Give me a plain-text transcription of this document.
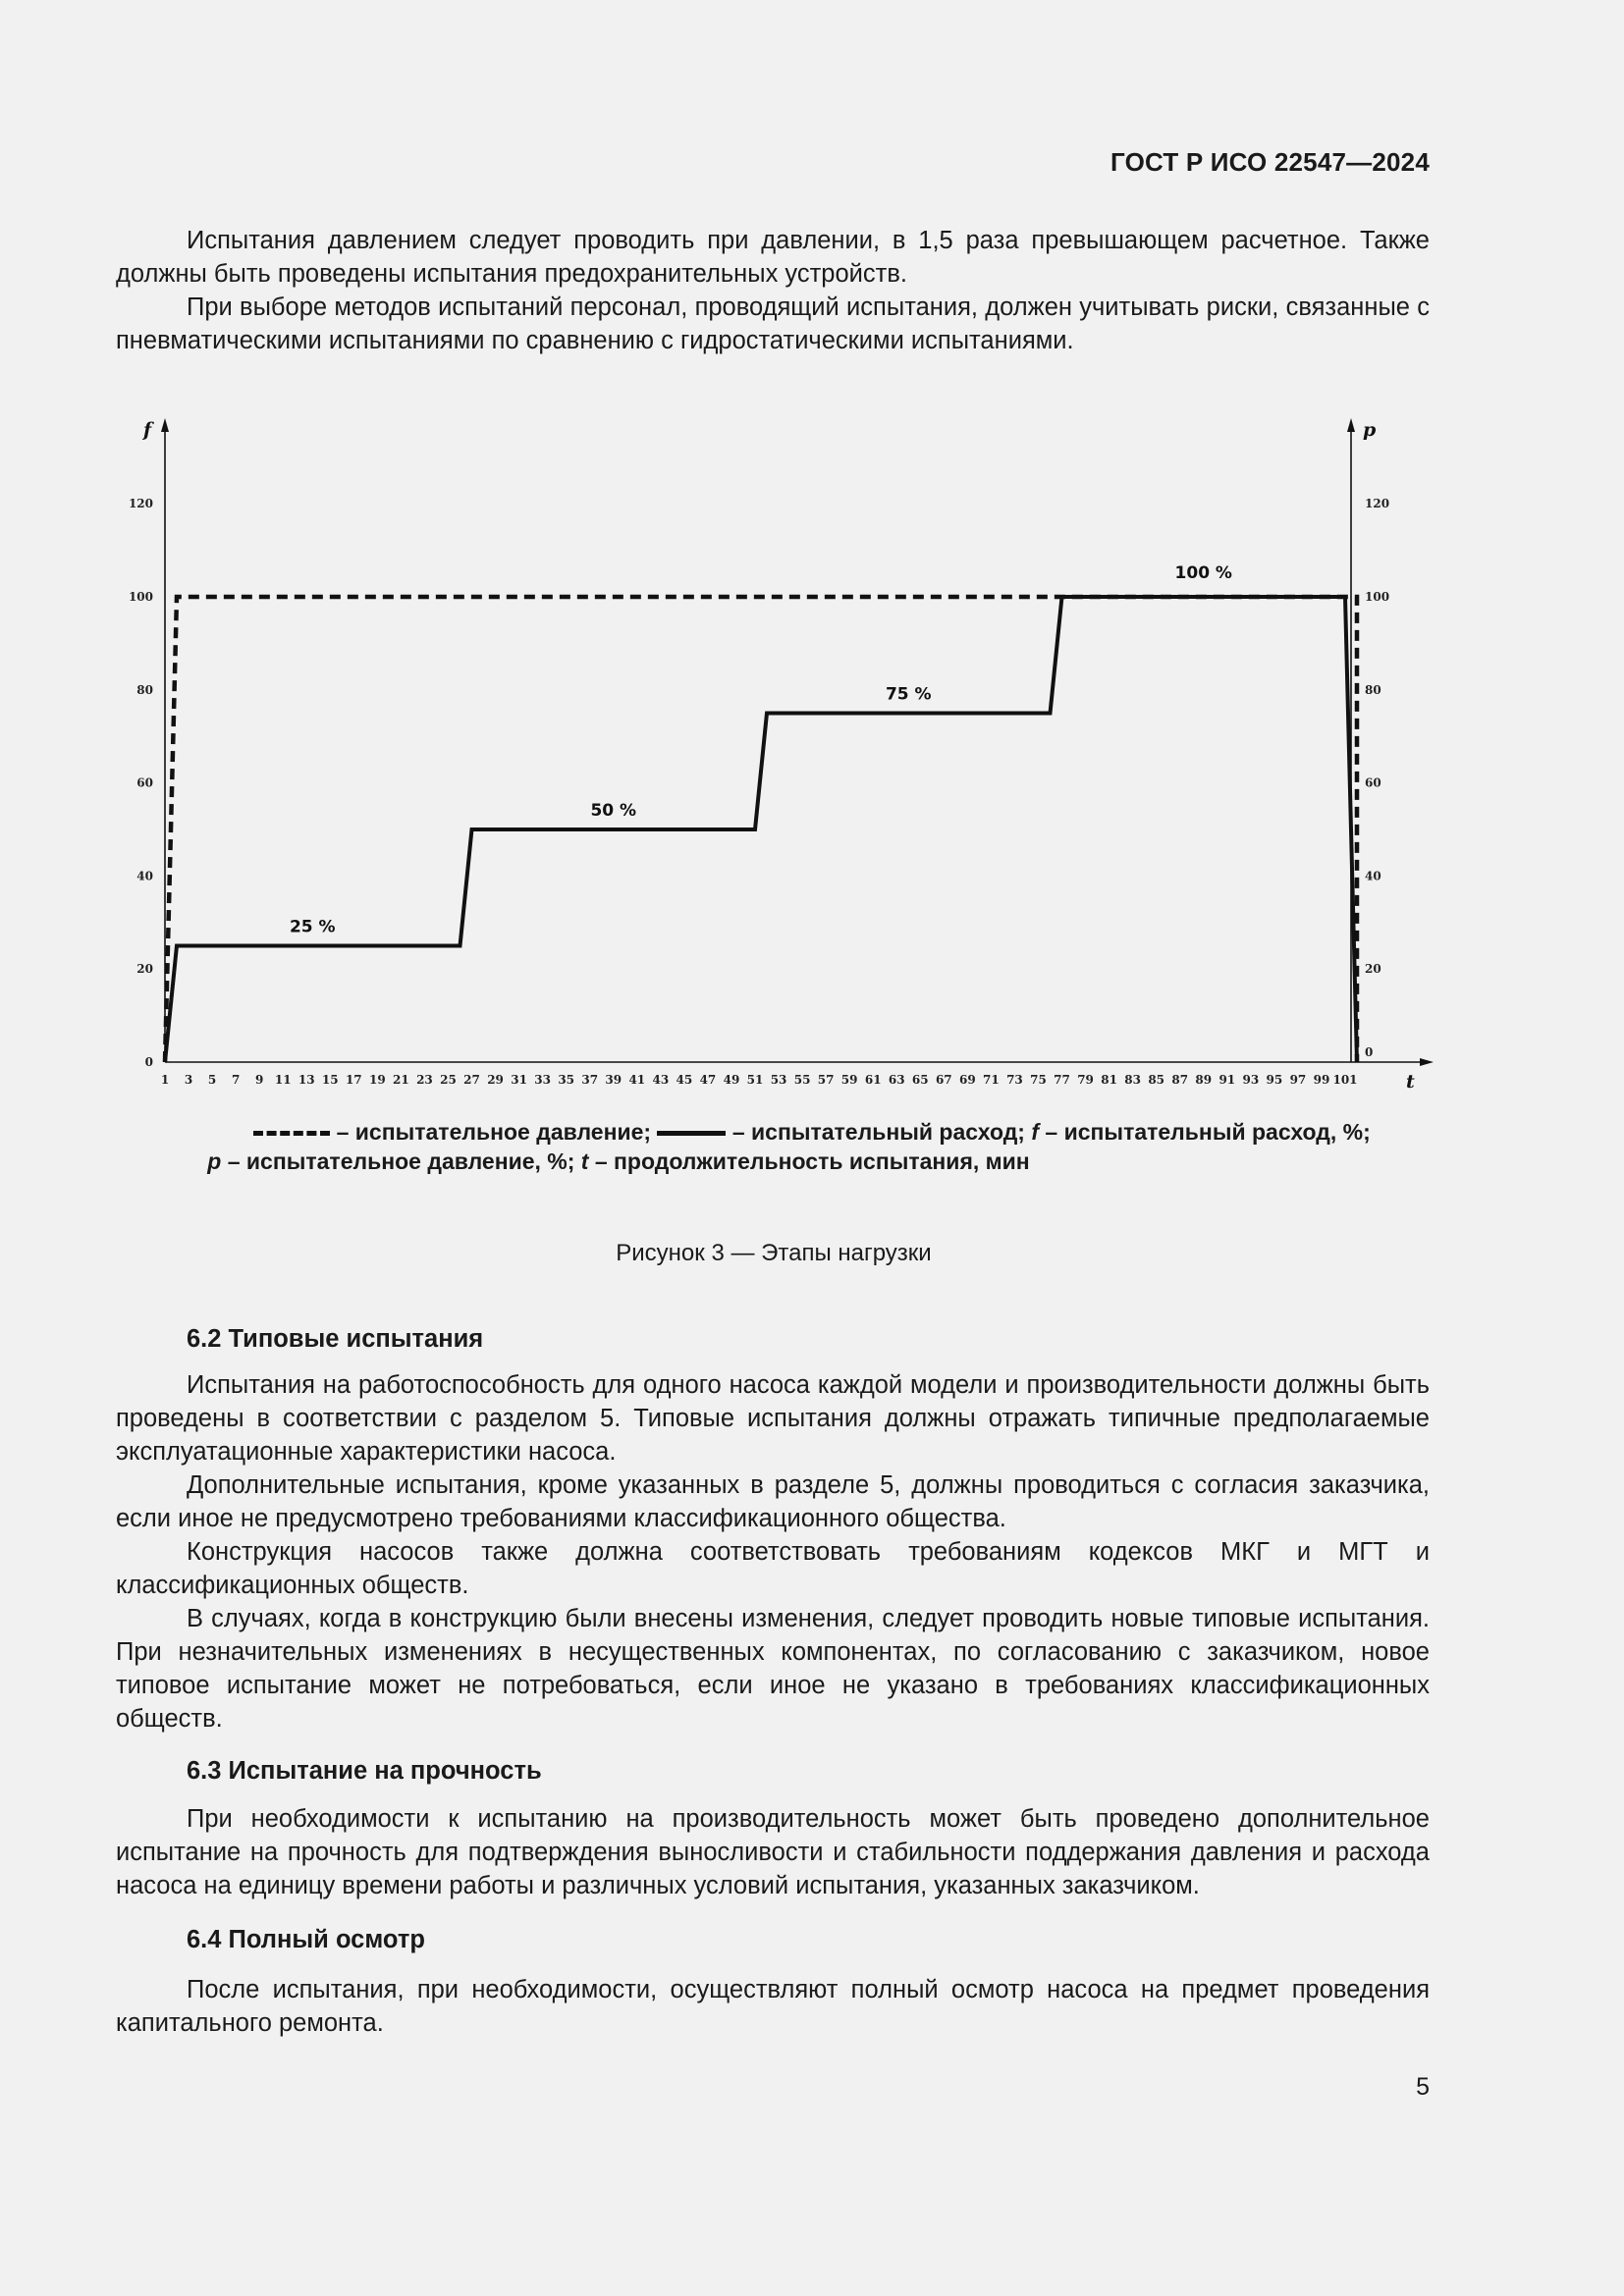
ГОСТ Р ИСО 22547—2024

Испытания давлением следует проводить при давлении, в 1,5 раза превышающем расчетное. Также должны быть проведены испытания предохранительных устройств.

При выборе методов испытаний персонал, проводящий испытания, должен учитывать риски, связанные с пневматическими испытаниями по сравнению с гидростатическими испытаниями.

f	p
t
0
20
40
60
80
100
120
0
20
40
60
80
100
120
1 3 5 7 9 11 13 15 17 19 21 23 25 27 29 31 33 35 37 39 41 43 45 47 49 51 53 55 57 59 61 63 65 67 69 71 73 75 77 79 81 83 85 87 89 91 93 95 97 99 101
25 %
50 %
75 %
100 %
– испытательное давление;	– испытательный расход; f – испытательный расход, %;
p – испытательное давление, %; t – продолжительность испытания, мин
Рисунок 3 — Этапы нагрузки
6.2 Типовые испытания

Испытания на работоспособность для одного насоса каждой модели и производительности должны быть проведены в соответствии с разделом 5. Типовые испытания должны отражать типичные предполагаемые эксплуатационные характеристики насоса.

Дополнительные испытания, кроме указанных в разделе 5, должны проводиться с согласия заказчика, если иное не предусмотрено требованиями классификационного общества.

Конструкция насосов также должна соответствовать требованиям кодексов МКГ и МГТ и классификационных обществ.

В случаях, когда в конструкцию были внесены изменения, следует проводить новые типовые испытания. При незначительных изменениях в несущественных компонентах, по согласованию с заказчиком, новое типовое испытание может не потребоваться, если иное не указано в требованиях классификационных обществ.

6.3 Испытание на прочность

При необходимости к испытанию на производительность может быть проведено дополнительное испытание на прочность для подтверждения выносливости и стабильности поддержания давления и расхода насоса на единицу времени работы и различных условий испытания, указанных заказчиком.

6.4 Полный осмотр

После испытания, при необходимости, осуществляют полный осмотр насоса на предмет проведения капитального ремонта.

5
